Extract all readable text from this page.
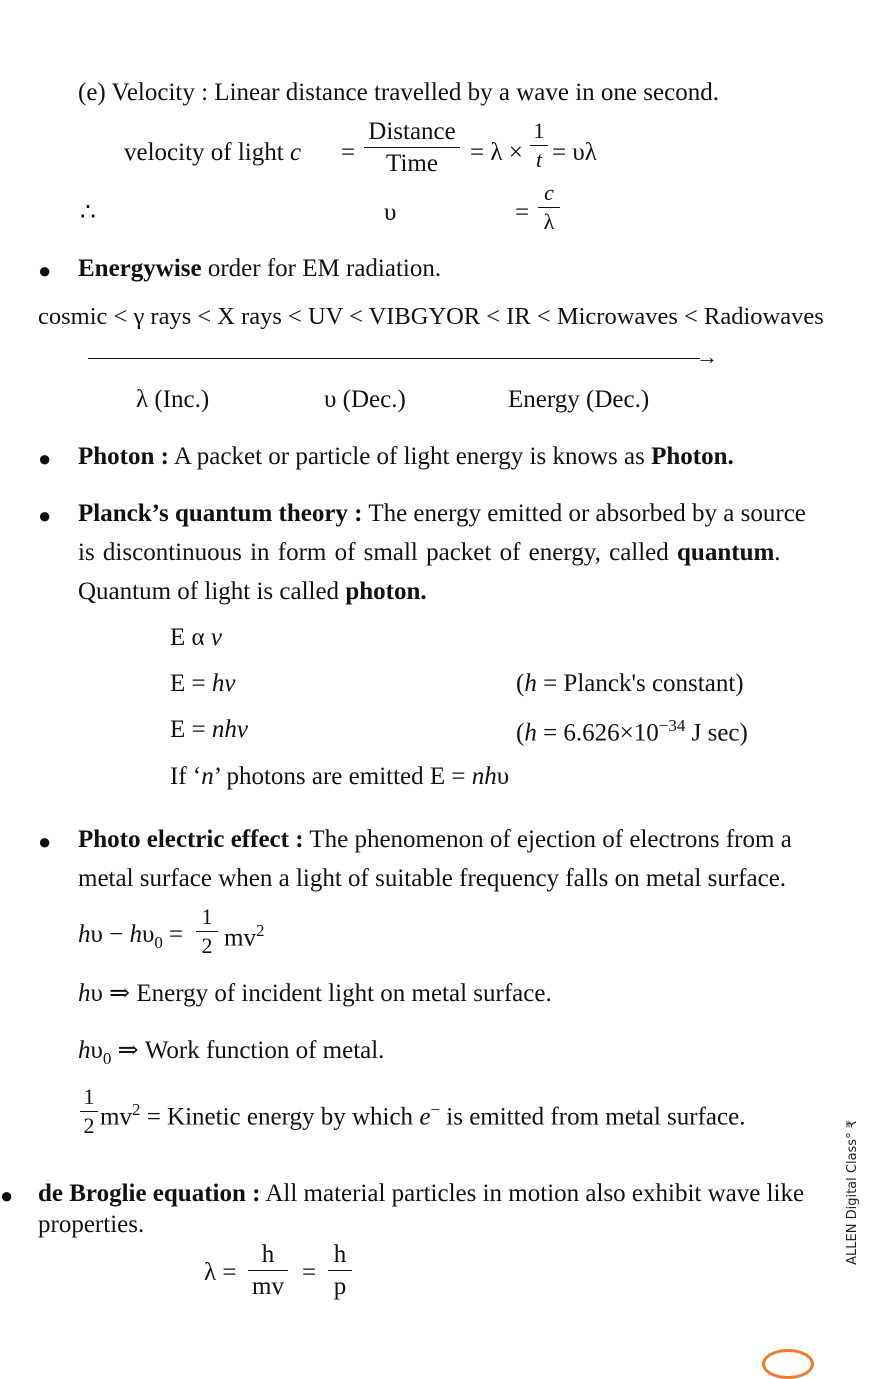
(e) Velocity : Linear distance travelled by a wave in one second.
velocity of light c =
Distance
Time	= λ ×
1
t = υλ
∴	υ	=
c
λ
● Energywise order for EM radiation.
cosmic < γ rays < X rays < UV < VIBGYOR < IR < Microwaves < Radiowaves
→
λ (Inc.)	υ (Dec.)	Energy (Dec.)
● Photon : A packet or particle of light energy is knows as Photon.
● Planck’s quantum theory : The energy emitted or absorbed by a source
is discontinuous in form of small packet of energy, called quantum.
Quantum of light is called photon.
E α v
E = hv	(h = Planck's constant)
E = nhv	($h = 6.626\times 10^{-34}$ J sec)
If ‘n’ photons are emitted E = nhυ
● Photo electric effect : The phenomenon of ejection of electrons from a
metal surface when a light of suitable frequency falls on metal surface.
$h\upsilon - h\upsilon_0$ =
1
2 $mv^2$
hυ ⇒ Energy of incident light on metal surface.
$h\upsilon_0$ ⇒ Work function of metal.
1
2 $mv^2$ = Kinetic energy by which e− is emitted from metal surface.
● de Broglie equation : All material particles in motion also exhibit wave like
properties.
λ =
h
mv
=
h
p
ALLEN Digital Class° ₹
